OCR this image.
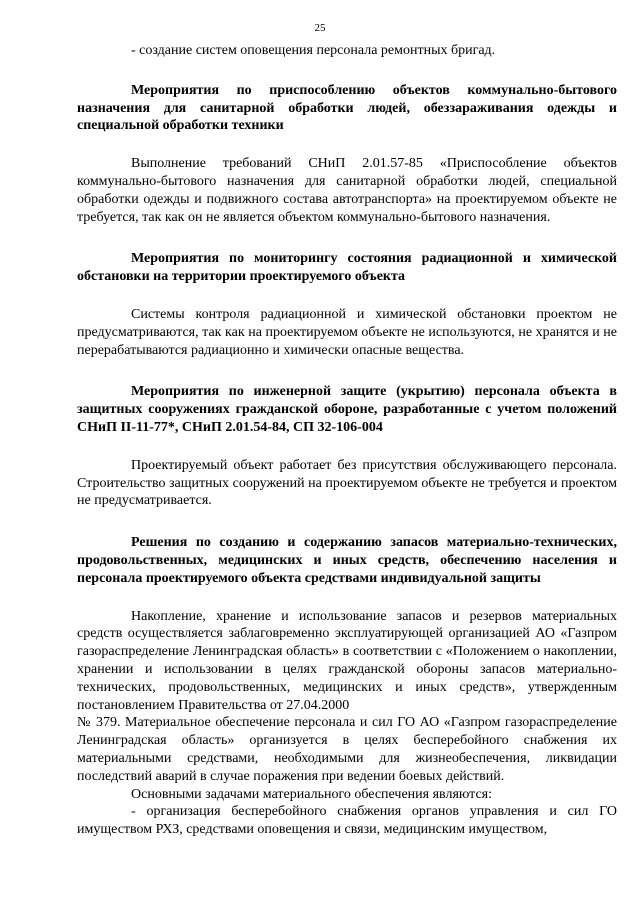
25

- создание систем оповещения персонала ремонтных бригад.

Мероприятия по приспособлению объектов коммунально-бытового назначения для санитарной обработки людей, обеззараживания одежды и специальной обработки техники

Выполнение требований СНиП 2.01.57-85 «Приспособление объектов коммунально-бытового назначения для санитарной обработки людей, специальной обработки одежды и подвижного состава автотранспорта» на проектируемом объекте не требуется, так как он не является объектом коммунально-бытового назначения.

Мероприятия по мониторингу состояния радиационной и химической обстановки на территории проектируемого объекта

Системы контроля радиационной и химической обстановки проектом не предусматриваются, так как на проектируемом объекте не используются, не хранятся и не перерабатываются радиационно и химически опасные вещества.

Мероприятия по инженерной защите (укрытию) персонала объекта в защитных сооружениях гражданской обороне, разработанные с учетом положений СНиП II-11-77*, СНиП 2.01.54-84, СП 32-106-004

Проектируемый объект работает без присутствия обслуживающего персонала. Строительство защитных сооружений на проектируемом объекте не требуется и проектом не предусматривается.

Решения по созданию и содержанию запасов материально-технических, продовольственных, медицинских и иных средств, обеспечению населения и персонала проектируемого объекта средствами индивидуальной защиты

Накопление, хранение и использование запасов и резервов материальных средств осуществляется заблаговременно эксплуатирующей организацией АО «Газпром газораспределение Ленинградская область» в соответствии с «Положением о накоплении, хранении и использовании в целях гражданской обороны запасов материально-технических, продовольственных, медицинских и иных средств», утвержденным постановлением Правительства от 27.04.2000

№ 379. Материальное обеспечение персонала и сил ГО АО «Газпром газораспределение Ленинградская область» организуется в целях бесперебойного снабжения их материальными средствами, необходимыми для жизнеобеспечения, ликвидации последствий аварий в случае поражения при ведении боевых действий.

Основными задачами материального обеспечения являются:

- организация бесперебойного снабжения органов управления и сил ГО имуществом РХЗ, средствами оповещения и связи, медицинским имуществом,
